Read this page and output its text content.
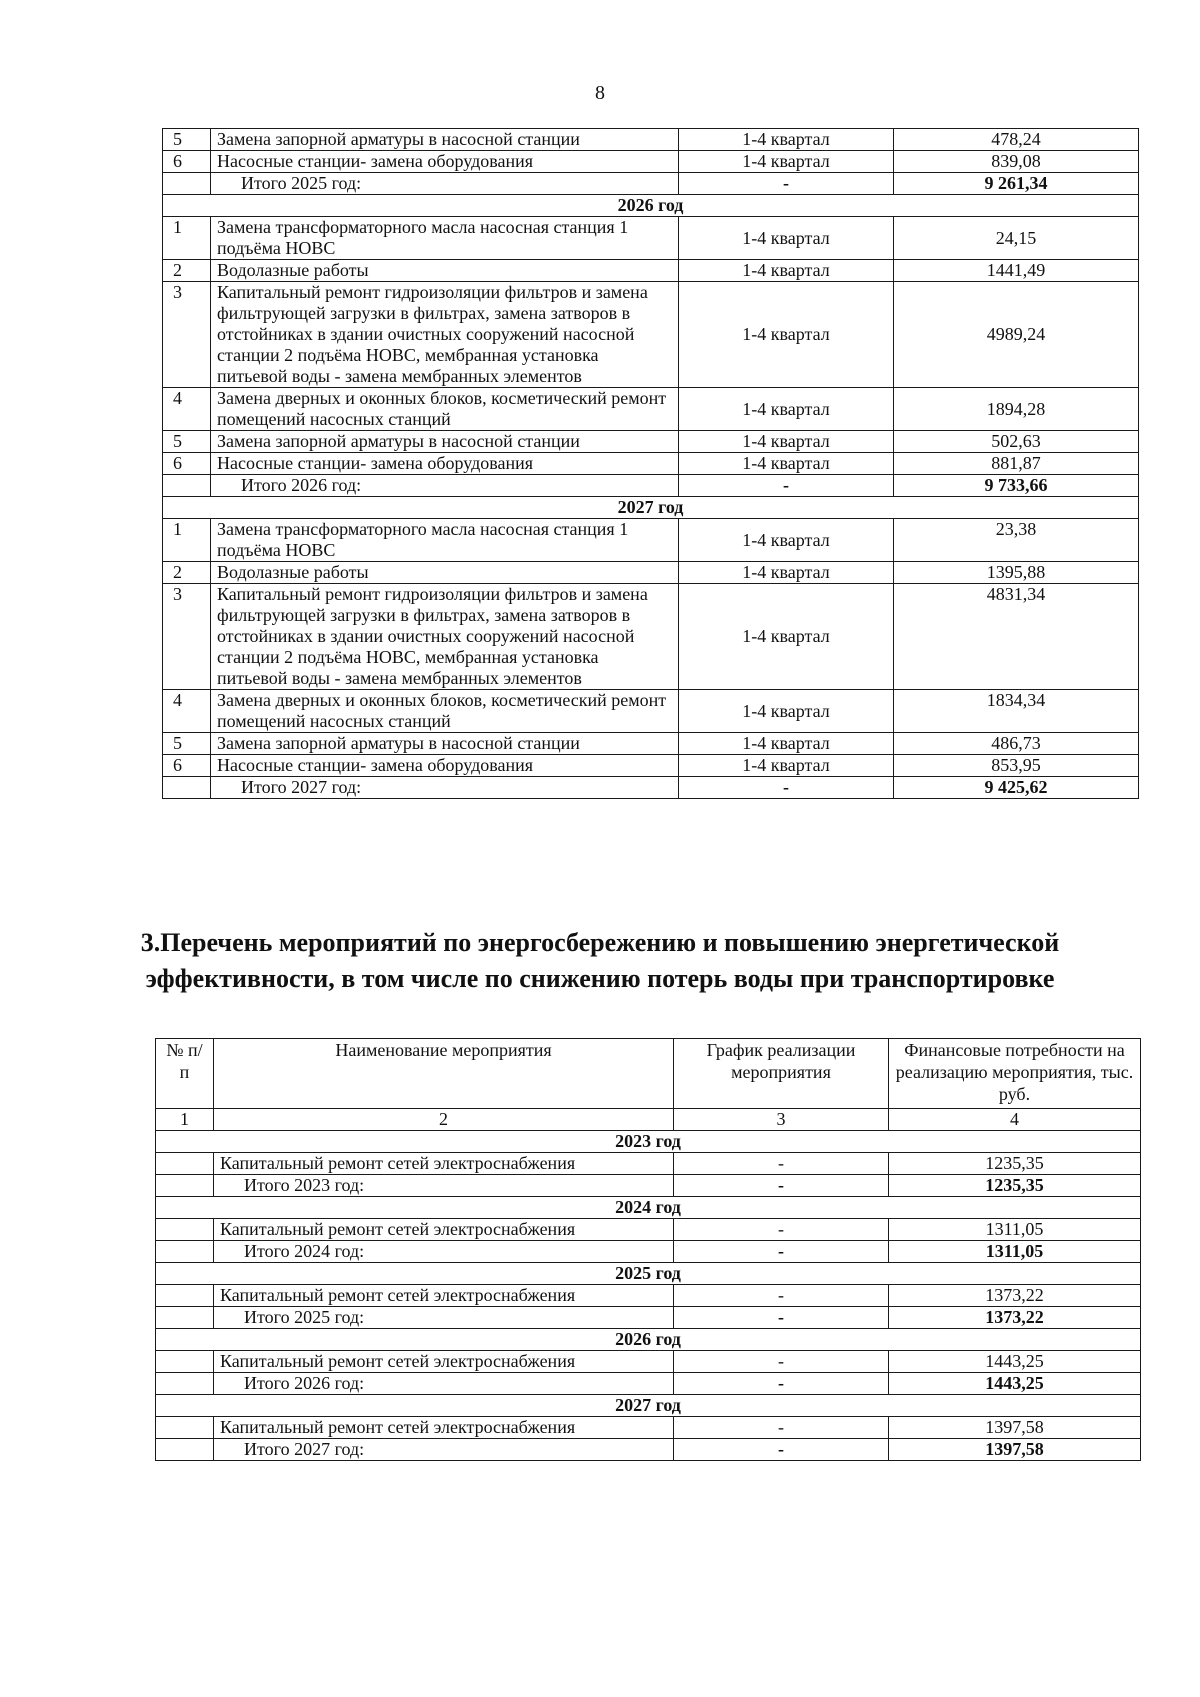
8
5	Замена запорной арматуры в насосной станции	1-4 квартал	478,24
6	Насосные станции- замена оборудования	1-4 квартал	839,08
	Итого 2025 год:	-	9 261,34
2026 год			
1	Замена трансформаторного масла насосная станция 1 подъёма НОВС	1-4 квартал	24,15
2	Водолазные работы	1-4 квартал	1441,49
3	Капитальный ремонт гидроизоляции фильтров и замена фильтрующей загрузки в фильтрах, замена затворов в отстойниках в здании очистных сооружений насосной станции 2 подъёма НОВС, мембранная установка питьевой воды - замена мембранных элементов	1-4 квартал	4989,24
4	Замена дверных и оконных блоков, косметический ремонт помещений насосных станций	1-4 квартал	1894,28
5	Замена запорной арматуры в насосной станции	1-4 квартал	502,63
6	Насосные станции- замена оборудования	1-4 квартал	881,87
	Итого 2026 год:	-	9 733,66
2027 год			
1	Замена трансформаторного масла насосная станция 1 подъёма НОВС	1-4 квартал	23,38
2	Водолазные работы	1-4 квартал	1395,88
3	Капитальный ремонт гидроизоляции фильтров и замена фильтрующей загрузки в фильтрах, замена затворов в отстойниках в здании очистных сооружений насосной станции 2 подъёма НОВС, мембранная установка питьевой воды - замена мембранных элементов	1-4 квартал	4831,34
4	Замена дверных и оконных блоков, косметический ремонт помещений насосных станций	1-4 квартал	1834,34
5	Замена запорной арматуры в насосной станции	1-4 квартал	486,73
6	Насосные станции- замена оборудования	1-4 квартал	853,95
	Итого 2027 год:	-	9 425,62
3.Перечень мероприятий по энергосбережению и повышению энергетической эффективности, в том числе по снижению потерь воды при транспортировке
№ п/п	Наименование мероприятия	График реализации мероприятия	Финансовые потребности на реализацию мероприятия, тыс. руб.
1	2	3	4
2023 год			
	Капитальный ремонт сетей электроснабжения	-	1235,35
	Итого 2023 год:	-	1235,35
2024 год			
	Капитальный ремонт сетей электроснабжения	-	1311,05
	Итого 2024 год:	-	1311,05
2025 год			
	Капитальный ремонт сетей электроснабжения	-	1373,22
	Итого 2025 год:	-	1373,22
2026 год			
	Капитальный ремонт сетей электроснабжения	-	1443,25
	Итого 2026 год:	-	1443,25
2027 год			
	Капитальный ремонт сетей электроснабжения	-	1397,58
	Итого 2027 год:	-	1397,58
